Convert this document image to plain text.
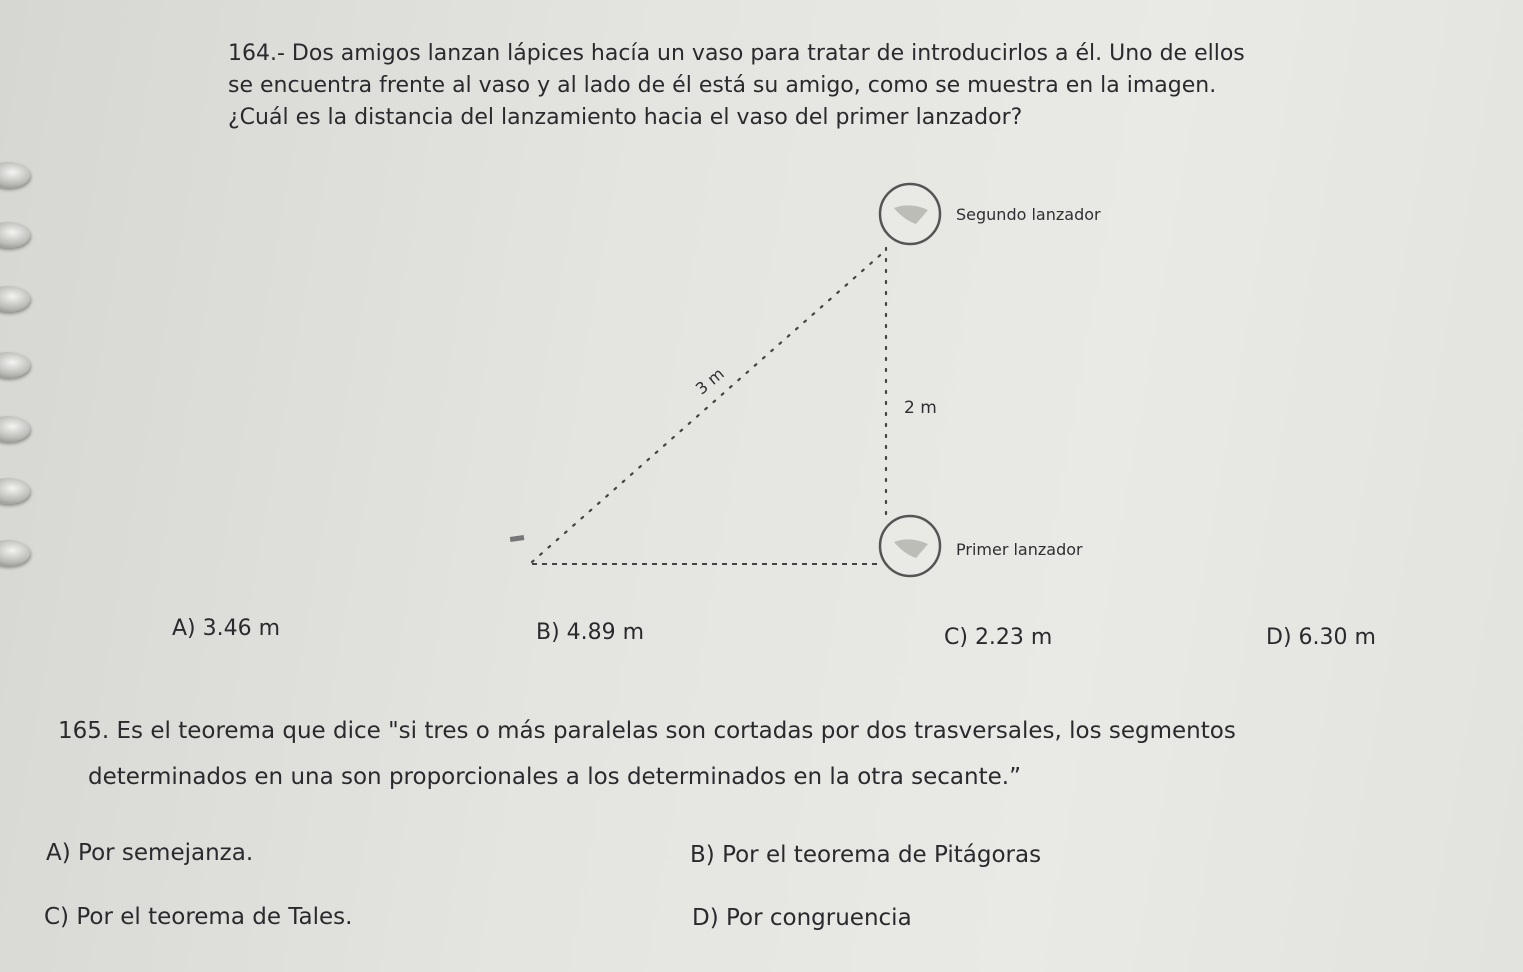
164.- Dos amigos lanzan lápices hacía un vaso para tratar de introducirlos a él. Uno de ellos
se encuentra frente al vaso y al lado de él está su amigo, como se muestra en la imagen.
¿Cuál es la distancia del lanzamiento hacia el vaso del primer lanzador?
Segundo lanzador
Primer lanzador
2 m
3 m
A) 3.46 m	B) 4.89 m	C) 2.23 m	D) 6.30 m
165. Es el teorema que dice "si tres o más paralelas son cortadas por dos trasversales, los segmentos
determinados en una son proporcionales a los determinados en la otra secante.”
A) Por semejanza.	B) Por el teorema de Pitágoras
C) Por el teorema de Tales.	D) Por congruencia
